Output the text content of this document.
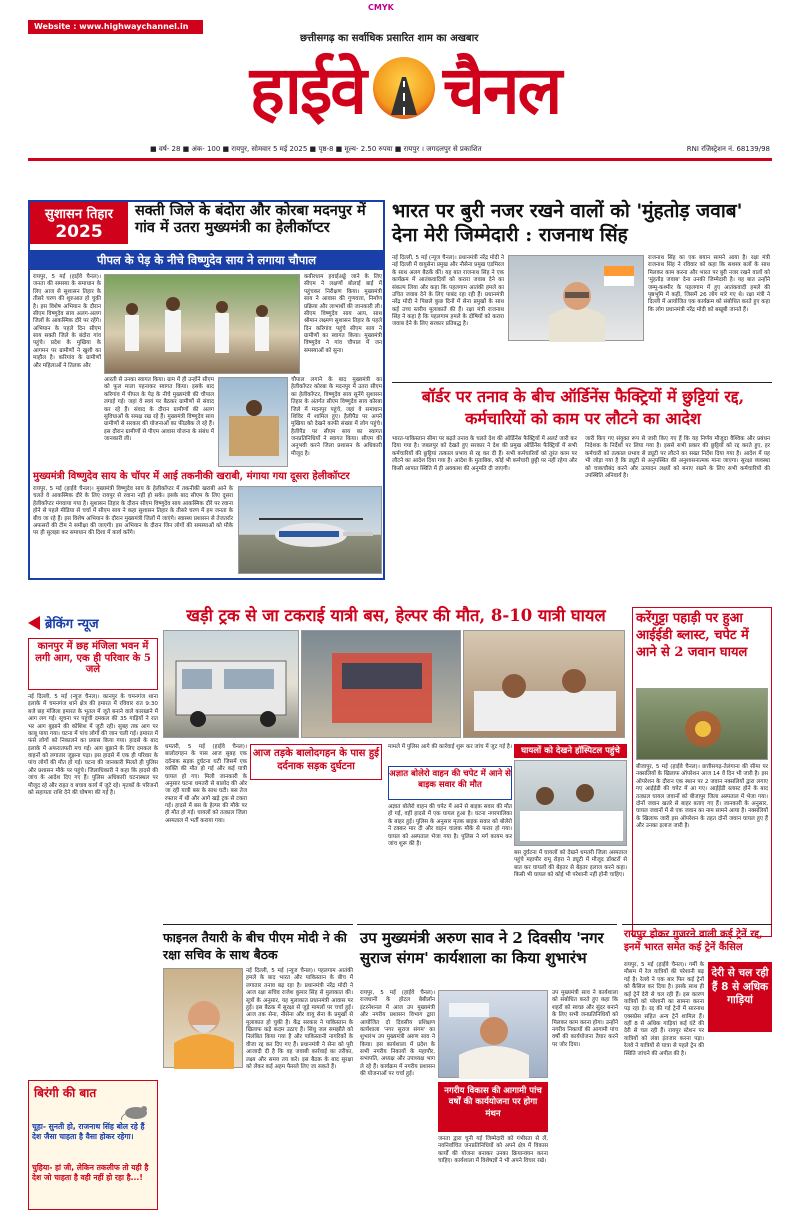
CMYK
Website : www.highwaychannel.in
छत्तीसगढ़ का सर्वाधिक प्रसारित शाम का अखबार
हाईवे चैनल
■ वर्ष- 28 ■ अंक- 100 ■ रायपुर, सोमवार 5 मई 2025 ■ पृष्ठ-8 ■ मूल्य- 2.50 रुपया ■ रायपुर । जगदलपुर से प्रकाशित	RNI रजिस्ट्रेशन नं. 68139/98
सुशासन तिहार
2025
सक्ती जिले के बंदोरा और कोरबा मदनपुर में गांव में उतरा मुख्यमंत्री का हेलीकॉप्टर
पीपल के पेड़ के नीचे विष्णुदेव साय ने लगाया चौपाल
रायपुर, 5 मई (हाईवे चैनल)। जनता की समस्या के समाधान के लिए आज से सुशासन तिहार के तीसरे चरण की शुरुआत हो चुकी है। इस विशेष अभियान के दौरान सीएम विष्णुदेव साय अलग-अलग जिलों के आकस्मिक दौरे पर रहेंगे। अभियान के पहले दिन सीएम साय सक्ती जिले के बंदोरा गांव पहुंचे। प्रदेश के मुखिया के आगमन पर ग्रामीणों ने खुशी का माहौल है। करिगांव के ग्रामीणों और महिलाओं ने तिलक और
कबीरधाम हवाईअड्डे जाने के लिए सीएम ने लक्षणों बोलाई बाई में पहुंचकर निरीक्षण किया। मुख्यमंत्री साय ने आवास की गुणवत्ता, निर्माण प्रक्रिया और लाभार्थी की जानकारी ली। सीएम विष्णुदेव साय आप, साथ श्रीमान लक्ष्मण सुशासन तिहार के पहले दिन करिगांव पहुंचे सीएम साय ने ग्रामीणों का स्वागत किया। मुख्यमंत्री विष्णुदेव ने गांव चौपाल में जन समस्याओं को सुना।
आरती से उनका स्वागत किया। ग्राम में ही उन्होंने सीएम को फूल माला पहनाकर स्वागत किया। इसके बाद करिगांव में पीपल के पेड़ के नीचे मुख्यमंत्री की चौपाल लगाई गई। जहां वे स्वयं पर बैठकर ग्रामीणों से संवाद कर रहे हैं। संवाद के दौरान ग्रामीणों की अलग सुविधाओं के समक्ष रख रहे हैं। मुख्यमंत्री विष्णुदेव साय ग्रामीणों से सरकार की योजनाओं का फीडबैक ले रहे हैं। इस दौरान ग्रामीणों से पीएम आवास योजना के संबंध में जानकारी ली।
चौपाल लगाने के बाद मुख्यमंत्री का हेलीकॉप्टर कोरबा के मदनपुर में उतरा सीएम का हेलीकॉप्टर, विष्णुदेव साय सुनेंगे सुशासन तिहार के अंतर्गत सीएम विष्णुदेव साय कोरबा जिले में मदनपुर पहुंचे, जहां वे समाधान शिविर में शामिल हुए। हैलीपैड पर अपने मुखिया को देखने काफी संख्या में लोग पहुंचे। हैलीपैड पर सीएम साय का स्वागत जनप्रतिनिधियों ने स्वागत किया। सीएम की अनुभवी करने जिला प्रशासन के अधिकारी मौजूद है।
मुख्यमंत्री विष्णुदेव साय के चॉपर में आई तकनीकी खराबी, मंगाया गया दूसरा हेलीकॉप्टर
रायपुर, 5 मई (हाईवे चैनल)। मुख्यमंत्री विष्णुदेव साय के हेलीकॉप्टर में तकनीकी खराबी आने के चलते वे आकस्मिक दौरे के लिए रायपुर से रवाना नहीं हो सके। इसके बाद सीएम के लिए दूसरा हेलीकॉप्टर मंगवाया गया है। सुशासन तिहार के दौरान सीएम विष्णुदेव साय आकस्मिक दौरे पर रवाना होने से पहले मीडिया से चर्चा में सीएम साय ने कहा सुशासन तिहार के तीसरे चरण में हम जनता के बीच जा रहे हैं। इस विशेष अभियान के दौरान मुख्यमंत्री जिलों में जाएंगे। स्वास्थ्य प्रशासन से तेजतर्रार अफसरों की टीम ने समीक्षा की जाएगी। इस अभियान के दौरान जिन लोगों की समस्याओं को मौके पर ही सुलझा कर समाधान की दिशा में कार्य करेंगे।
भारत पर बुरी नजर रखने वालों को 'मुंहतोड़ जवाब' देना मेरी जिम्मेदारी : राजनाथ सिंह
नई दिल्ली, 5 मई (न्यूज चैनल)। प्रधानमंत्री नरेंद्र मोदी ने नई दिल्ली में वायुसेना प्रमुख और नौसेना प्रमुख एडमिरल के साथ अलग बैठकें कीं। यह बात राजनाथ सिंह ने एक कार्यक्रम में आतंकवादियों को करारा जवाब देने का संकल्प लिया और कहा कि पहलगाम आतंकी हमले का उचित जवाब देने के लिए पाबंद रहा रही हैं। प्रधानमंत्री नरेंद्र मोदी ने पिछले कुछ दिनों में सेना प्रमुखों के साथ कई उच्च स्तरीय मुलाकातें की हैं। रक्षा मंत्री राजनाथ सिंह ने कहा है कि पहलगाम हमले के दोषियों को करारा जवाब देने के लिए सरकार प्रतिबद्ध है।
राजनाथ सिंह का एक बयान सामने आया है। रक्षा मंत्री राजनाथ सिंह ने रविवार को कहा कि सशस्त्र बलों के साथ मिलकर काम करना और भारत पर बुरी नजर रखने वालों को 'मुंहतोड़ जवाब' देना उनकी जिम्मेदारी है। यह बात उन्होंने जम्मू-कश्मीर के पहलगाम में हुए आतंकवादी हमले की पृष्ठभूमि में कही, जिसमें 26 लोग मारे गए थे। रक्षा मंत्री ने दिल्ली में आयोजित एक कार्यक्रम को संबोधित करते हुए कहा कि लोग प्रधानमंत्री नरेंद्र मोदी को बखूबी जानते हैं।
बॉर्डर पर तनाव के बीच ऑर्डिनेंस फैक्ट्रियों में छुट्टियां रद्द, कर्मचारियों को काम पर लौटने का आदेश
भारत-पाकिस्तान सीमा पर बढ़ते तनाव के चलते देश की ऑर्डिनेंस फैक्ट्रियों में अलर्ट जारी कर दिया गया है। जबलपुर को देखते हुए सरकार ने देश की प्रमुख ऑर्डिनेंस फैक्ट्रियों में सभी कर्मचारियों की छुट्टियां तत्काल प्रभाव से रद्द कर दी हैं। सभी कर्मचारियों को तुरंत काम पर लौटने का आदेश दिया गया है। आदेश के मुताबिक, कोई भी कर्मचारी छुट्टी पर नहीं रहेगा और किसी आपात स्थिति में ही अवकाश की अनुमति दी जाएगी।
जारी किए गए संयुक्त रूप से जारी किए गए हैं कि यह निर्णय मौजूदा वैश्विक और प्रबंधन निदेशक के निर्देशों पर लिया गया है। इससे सभी प्रकार की छुट्टियों को रद्द करते हुए, हर कर्मचारी को तत्काल प्रभाव से ड्यूटी पर लौटने का सख्त निर्देश दिया गया है। आदेश में यह भी जोड़ा गया है कि ड्यूटी से अनुपस्थित की अनुशासनात्मक माना जाएगा। सुरक्षा व्यवस्था को चाकचौबंद करने और उत्पादन लक्ष्यों को बनाए रखने के लिए सभी कर्मचारियों की उपस्थिति अनिवार्य है।
ब्रेकिंग न्यूज
कानपुर में छह मंजिला भवन में लगी आग, एक ही परिवार के 5 जले
नई दिल्ली, 5 मई (न्यूज चैनल)। कानपुर के चमनगंज थाना इलाके में चमनगंज थाने क्षेत्र की इमारत में रविवार रात 9:30 बजे छह मंजिला इमारत के भूतल में जूते बनाने वाले कारखाने में आग लग गई। सूचना पर पहुंची दमकल की 35 गाड़ियों ने रात भर आग बुझाने की कोशिश में जुटी रही। सुबह तक आग पर काबू पाया गया। घटना में पांच लोगों की जान चली गई। इमारत में फंसे लोगों को निकालने का प्रयास किया गया। हादसे के बाद इलाके में अफरातफरी मच गई। आग बुझाने के लिए दमकल के वाहनों को लगातार जूझना पड़ा। इस हादसे में एक ही परिवार के पांच लोगों की मौत हो गई। घटना की जानकारी मिलते ही पुलिस और प्रशासन मौके पर पहुंचे। जिलाधिकारी ने कहा कि हादसे की जांच के आदेश दिए गए हैं। पुलिस अधिकारी घटनास्थल पर मौजूद रहे और राहत व बचाव कार्य में जुटे रहे। मृतकों के परिजनों को सहायता राशि देने की घोषणा की गई है।
बिरंगी की बात
चूहा- सुनती हो, राजनाथ सिंह बोल रहे हैं देश जैसा चाहता है वैसा होकर रहेगा।
चुहिया- हां जी, लेकिन तकलीफ तो यही है देश जो चाहता है वही नहीं हो रहा है...!
खड़ी ट्रक से जा टकराई यात्री बस, हेल्पर की मौत, 8-10 यात्री घायल
धमतरी, 5 मई (हाईवे चैनल)। बालोदगहन के पास आज सुबह एक दर्दनाक सड़क दुर्घटना घटी जिसमें एक व्यक्ति की मौत हो गई और कई यात्री घायल हो गए। मिली जानकारी के अनुसार घटना धमतरी से बालोद की ओर जा रही यात्री बस के साथ घटी। बस तेज रफ्तार में थी और आगे खड़े ट्रक से टकरा गई। हादसे में बस के हेल्पर की मौके पर ही मौत हो गई। घायलों को तत्काल जिला अस्पताल में भर्ती कराया गया।
आज तड़के बालोदगहन के पास हुई दर्दनाक सड़क दुर्घटना
मामले में पुलिस आगे की कार्रवाई शुरू कर जांच में जुट गई है।
अज्ञात बोलेरो वाहन की चपेट में आने से बाइक सवार की मौत
अज्ञात बोलेरो वाहन की चपेट में आने से बाइक सवार की मौत हो गई, वहीं हादसे में एक घायल हुआ है। घटना नगरपालिका के बाहर हुई। पुलिस के अनुसार मृतक बाइक सवार को बोलेरो ने टक्कर मार दी और वाहन चालक मौके से फरार हो गया। घायल को अस्पताल भेजा गया है। पुलिस ने मर्ग कायम कर जांच शुरू की है।
घायलों को देखने हॉस्पिटल पहुंचे
बस दुर्घटना में घायलों को देखने धमतरी जिला अस्पताल पहुंचे महापौर रामू रोहरा ने ड्यूटी में मौजूद डॉक्टरों से बात कर घायलों की बेहतर से बेहतर इलाज करने कहा। किसी भी घायल को कोई भी परेशानी नहीं होनी चाहिए।
करेंगुट्टा पहाड़ी पर हुआ आईईडी ब्लास्ट, चपेट में आने से 2 जवान घायल
बीजापुर, 5 मई (हाईवे चैनल)। छत्तीसगढ़-तेलंगाना की सीमा पर नक्सलियों के खिलाफ ऑपरेशन आज 14 वें दिन भी जारी है। इस ऑपरेशन के दौरान एक स्थान पर 2 जवान नक्सलियों द्वारा लगाए गए आईईडी की चपेट में आ गए। आईईडी ब्लास्ट होने के बाद तत्काल घायल जवानों को बीजापुर जिला अस्पताल में भेजा गया। दोनों जवान खतरे से बाहर बताए गए हैं। जानकारी के अनुसार, घायल जवानों में से एक जवान का नाम सामने आया है। नक्सलियों के खिलाफ जारी इस ऑपरेशन के तहत दोनों जवान घायल हुए हैं और उनका इलाज जारी है।
फाइनल तैयारी के बीच पीएम मोदी ने की रक्षा सचिव के साथ बैठक
नई दिल्ली, 5 मई (न्यूज चैनल)। पहलगाम आतंकी हमले के बाद भारत और पाकिस्तान के बीच में लगातार तनाव बढ़ रहा है। प्रधानमंत्री नरेंद्र मोदी ने आज रक्षा सचिव राजेश कुमार सिंह से मुलाकात की। सूत्रों के अनुसार, यह मुलाकात प्रधानमंत्री आवास पर हुई। इस बैठक में सुरक्षा से जुड़े मामलों पर चर्चा हुई। आज तक सेना, नौसेना और वायु सेना के प्रमुखों से मुलाकात हो चुकी है। केंद्र सरकार ने पाकिस्तान के खिलाफ कड़े कदम उठाए हैं। सिंधु जल समझौते को निलंबित किया गया है और पाकिस्तानी नागरिकों के वीजा रद्द कर दिए गए हैं। प्रधानमंत्री ने सेना को पूरी आजादी दी है कि वह जवाबी कार्रवाई का तरीका, लक्ष्य और समय तय करे। इस बैठक के बाद सुरक्षा को लेकर कई अहम फैसले लिए जा सकते हैं।
उप मुख्यमंत्री अरुण साव ने 2 दिवसीय 'नगर सुराज संगम' कार्यशाला का किया शुभारंभ
रायपुर, 5 मई (हाईवे चैनल)। राजधानी के होटल बेबीलॉन इंटरनेशनल में आज उप मुख्यमंत्री और नगरीय प्रशासन विभाग द्वारा आयोजित दो दिवसीय प्रशिक्षण कार्यशाला 'नगर सुराज संगम' का शुभारंभ उप मुख्यमंत्री अरुण साव ने किया। इस कार्यशाला में प्रदेश के सभी नगरीय निकायों के महापौर, सभापति, अध्यक्ष और उपाध्यक्ष भाग ले रहे हैं। कार्यक्रम में नगरीय प्रशासन की योजनाओं पर चर्चा हुई।
नगरीय विकास की आगामी पांच वर्षों की कार्ययोजना पर होगा मंथन
जनता द्वारा चुनी गई जिम्मेदारी को गंभीरता से लें, नवनिर्वाचित जनप्रतिनिधियों को अपने क्षेत्र में विकास कार्यों की योजना बनाकर उनका क्रियान्वयन करना चाहिए। कार्यशाला में विशेषज्ञों ने भी अपने विचार रखे।
उप मुख्यमंत्री साव ने कार्यशाला को संबोधित करते हुए कहा कि शहरों को स्वच्छ और सुंदर बनाने के लिए सभी जनप्रतिनिधियों को मिलकर काम करना होगा। उन्होंने नगरीय निकायों की आगामी पांच वर्षों की कार्ययोजना तैयार करने पर जोर दिया।
रायपुर होकर गुजरने वाली कई ट्रेनें रद्द, इनमें भारत समेत कई ट्रेनें कैंसिल
देरी से चल रही हैं 8 से अधिक गाड़ियां
रायपुर, 5 मई (हाईवे चैनल)। गर्मी के मौसम में रेल यात्रियों की परेशानी बढ़ गई है। रेलवे ने एक बार फिर कई ट्रेनों को कैंसिल कर दिया है। इसके साथ ही कई ट्रेनें देरी से चल रही हैं। इस कारण यात्रियों को परेशानी का सामना करना पड़ रहा है। रद्द की गई ट्रेनों में सारनाथ एक्सप्रेस सहित अन्य ट्रेनें शामिल हैं। वहीं 8 से अधिक गाड़ियां कई घंटे की देरी से चल रही हैं। रायपुर स्टेशन पर यात्रियों को लंबा इंतजार करना पड़ा। रेलवे ने यात्रियों से यात्रा से पहले ट्रेन की स्थिति जांचने की अपील की है।
